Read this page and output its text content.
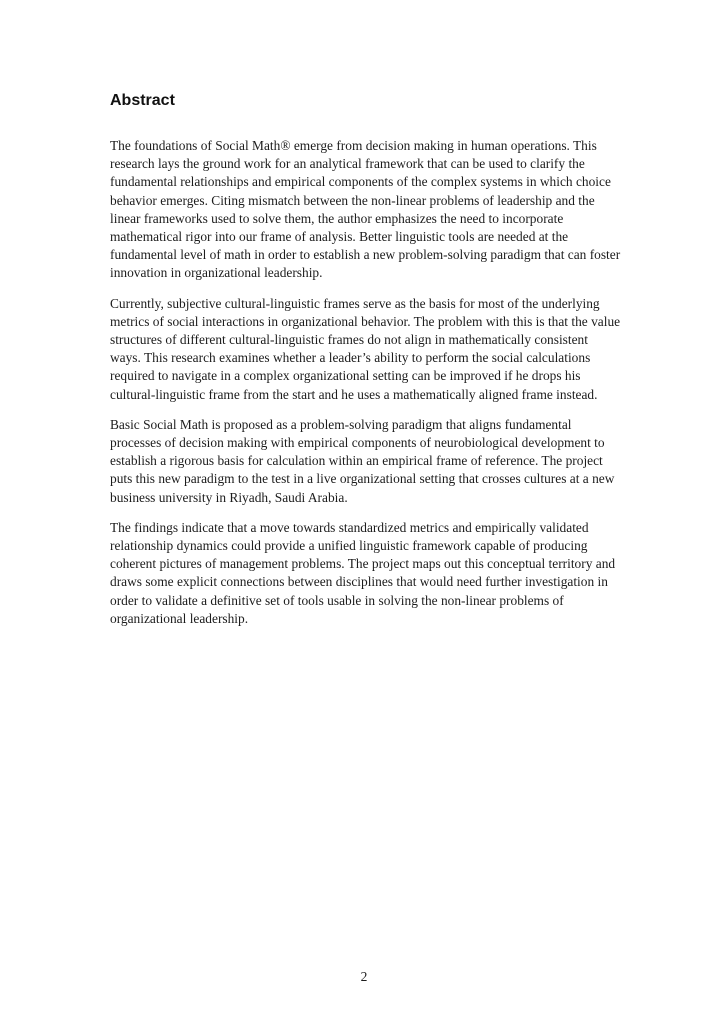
Abstract

The foundations of Social Math® emerge from decision making in human operations. This research lays the ground work for an analytical framework that can be used to clarify the fundamental relationships and empirical components of the complex systems in which choice behavior emerges. Citing mismatch between the non-linear problems of leadership and the linear frameworks used to solve them, the author emphasizes the need to incorporate mathematical rigor into our frame of analysis. Better linguistic tools are needed at the fundamental level of math in order to establish a new problem-solving paradigm that can foster innovation in organizational leadership.

Currently, subjective cultural-linguistic frames serve as the basis for most of the underlying metrics of social interactions in organizational behavior. The problem with this is that the value structures of different cultural-linguistic frames do not align in mathematically consistent ways. This research examines whether a leader’s ability to perform the social calculations required to navigate in a complex organizational setting can be improved if he drops his cultural-linguistic frame from the start and he uses a mathematically aligned frame instead.

Basic Social Math is proposed as a problem-solving paradigm that aligns fundamental processes of decision making with empirical components of neurobiological development to establish a rigorous basis for calculation within an empirical frame of reference. The project puts this new paradigm to the test in a live organizational setting that crosses cultures at a new business university in Riyadh, Saudi Arabia.

The findings indicate that a move towards standardized metrics and empirically validated relationship dynamics could provide a unified linguistic framework capable of producing coherent pictures of management problems. The project maps out this conceptual territory and draws some explicit connections between disciplines that would need further investigation in order to validate a definitive set of tools usable in solving the non-linear problems of organizational leadership.

2
